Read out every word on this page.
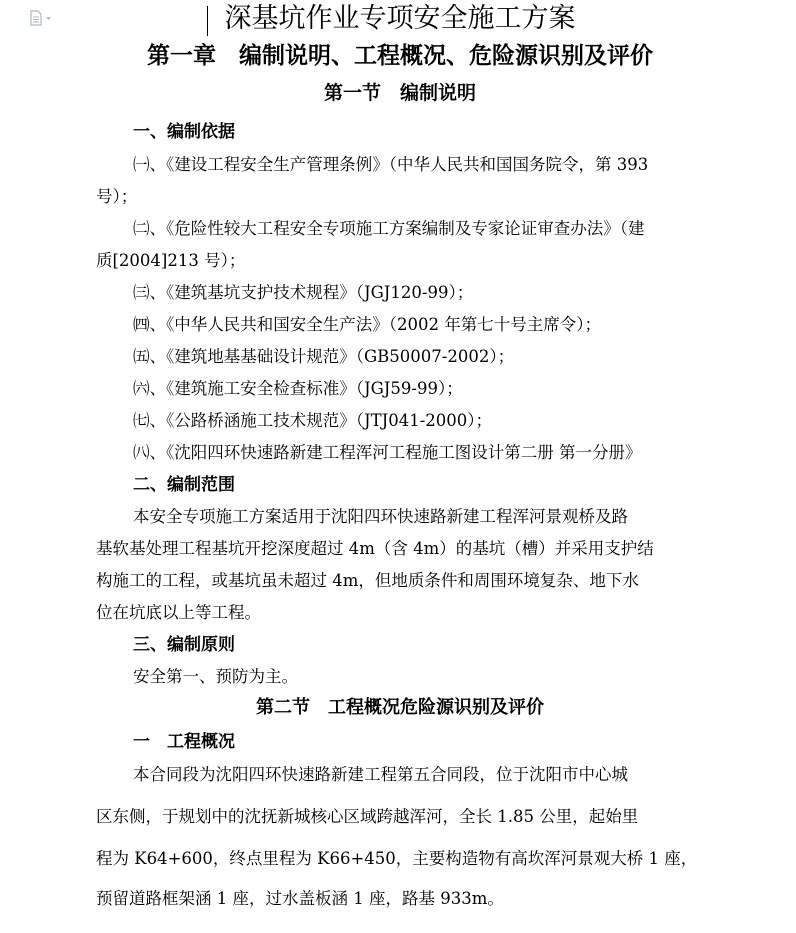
深基坑作业专项安全施工方案
第一章　编制说明、工程概况、危险源识别及评价
第一节　编制说明
一、编制依据
㈠、《建设工程安全生产管理条例》（中华人民共和国国务院令，第 393
号）；
㈡、《危险性较大工程安全专项施工方案编制及专家论证审查办法》（建
质[2004]213 号）；
㈢、《建筑基坑支护技术规程》（JGJ120-99）；
㈣、《中华人民共和国安全生产法》（2002 年第七十号主席令）；
㈤、《建筑地基基础设计规范》（GB50007-2002）；
㈥、《建筑施工安全检查标准》（JGJ59-99）；
㈦、《公路桥涵施工技术规范》（JTJ041-2000）；
㈧、《沈阳四环快速路新建工程浑河工程施工图设计第二册 第一分册》
二、编制范围
本安全专项施工方案适用于沈阳四环快速路新建工程浑河景观桥及路
基软基处理工程基坑开挖深度超过 4m（含 4m）的基坑（槽）并采用支护结
构施工的工程，或基坑虽未超过 4m，但地质条件和周围环境复杂、地下水
位在坑底以上等工程。
三、编制原则
安全第一、预防为主。
第二节　工程概况危险源识别及评价
一　工程概况
本合同段为沈阳四环快速路新建工程第五合同段，位于沈阳市中心城
区东侧，于规划中的沈抚新城核心区域跨越浑河，全长 1.85 公里，起始里
程为 K64+600，终点里程为 K66+450，主要构造物有高坎浑河景观大桥 1 座，
预留道路框架涵 1 座，过水盖板涵 1 座，路基 933m。
